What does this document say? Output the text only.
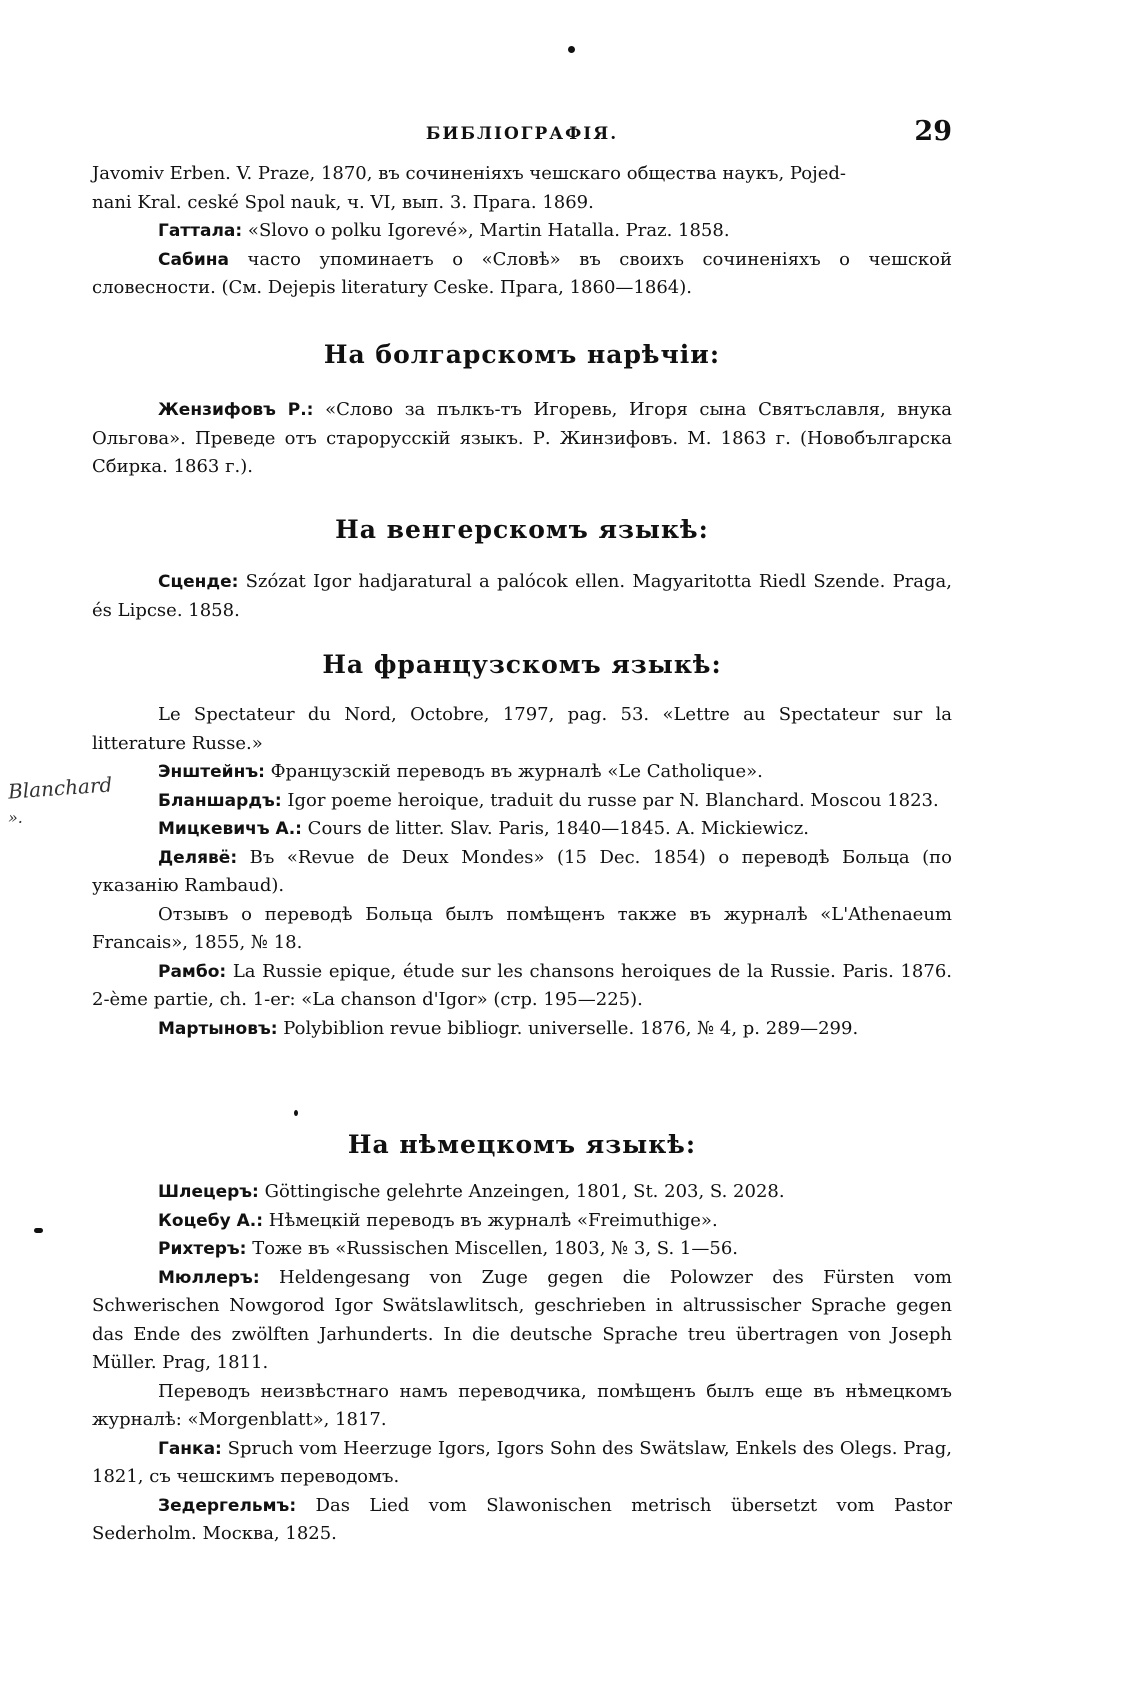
БИБЛІОГРАФІЯ.	29

Javomiv Erben. V. Praze, 1870, въ сочиненіяхъ чешскаго общества наукъ, Pojed-

nani Kral. ceské Spol nauk, ч. VI, вып. 3. Прага. 1869.

Гаттала: «Slovo o polku Igorevé», Martin Hatalla. Praz. 1858.

Сабина часто упоминаетъ о «Словѣ» въ своихъ сочиненіяхъ о чешской словесности. (См. Dejepis literatury Ceske. Прага, 1860—1864).

На болгарскомъ нарѣчіи:

Жензифовъ Р.: «Слово за пълкъ-тъ Игоревь, Игоря сына Святъславля, внука Ольгова». Преведе отъ старорусскій языкъ. Р. Жинзифовъ. М. 1863 г. (Новобългарска Сбирка. 1863 г.).

На венгерскомъ языкѣ:

Сценде: Szózat Igor hadjaratural a palócok ellen. Magyaritotta Riedl Szende. Praga, és Lipcse. 1858.

На французскомъ языкѣ:

Le Spectateur du Nord, Octobre, 1797, pag. 53. «Lettre au Spectateur sur la litterature Russe.»

Энштейнъ: Французскій переводъ въ журналѣ «Le Catholique».

Бланшардъ: Igor poeme heroique, traduit du russe par N. Blanchard. Moscou 1823.

Мицкевичъ А.: Cours de litter. Slav. Paris, 1840—1845. A. Mickiewicz.

Делявё: Въ «Revue de Deux Mondes» (15 Dec. 1854) о переводѣ Больца (по указанію Rambaud).

Отзывъ о переводѣ Больца былъ помѣщенъ также въ журналѣ «L'Athenaeum Francais», 1855, № 18.

Рамбо: La Russie epique, étude sur les chansons heroiques de la Russie. Paris. 1876. 2-ème partie, ch. 1-er: «La chanson d'Igor» (стр. 195—225).

Мартыновъ: Polybiblion revue bibliogr. universelle. 1876, № 4, p. 289—299.

Blanchard
».
На нѣмецкомъ языкѣ:

Шлецеръ: Göttingische gelehrte Anzeingen, 1801, St. 203, S. 2028.

Коцебу А.: Нѣмецкій переводъ въ журналѣ «Freimuthige».

Рихтеръ: Тоже въ «Russischen Miscellen, 1803, № 3, S. 1—56.

Мюллеръ: Heldengesang von Zuge gegen die Polowzer des Fürsten vom Schwerischen Nowgorod Igor Swätslawlitsch, geschrieben in altrussischer Sprache gegen das Ende des zwölften Jarhunderts. In die deutsche Sprache treu übertragen von Joseph Müller. Prag, 1811.

Переводъ неизвѣстнаго намъ переводчика, помѣщенъ былъ еще въ нѣмецкомъ журналѣ: «Morgenblatt», 1817.

Ганка: Spruch vom Heerzuge Igors, Igors Sohn des Swätslaw, Enkels des Olegs. Prag, 1821, съ чешскимъ переводомъ.

Зедергельмъ: Das Lied vom Slawonischen metrisch übersetzt vom Pastor Sederholm. Москва, 1825.
